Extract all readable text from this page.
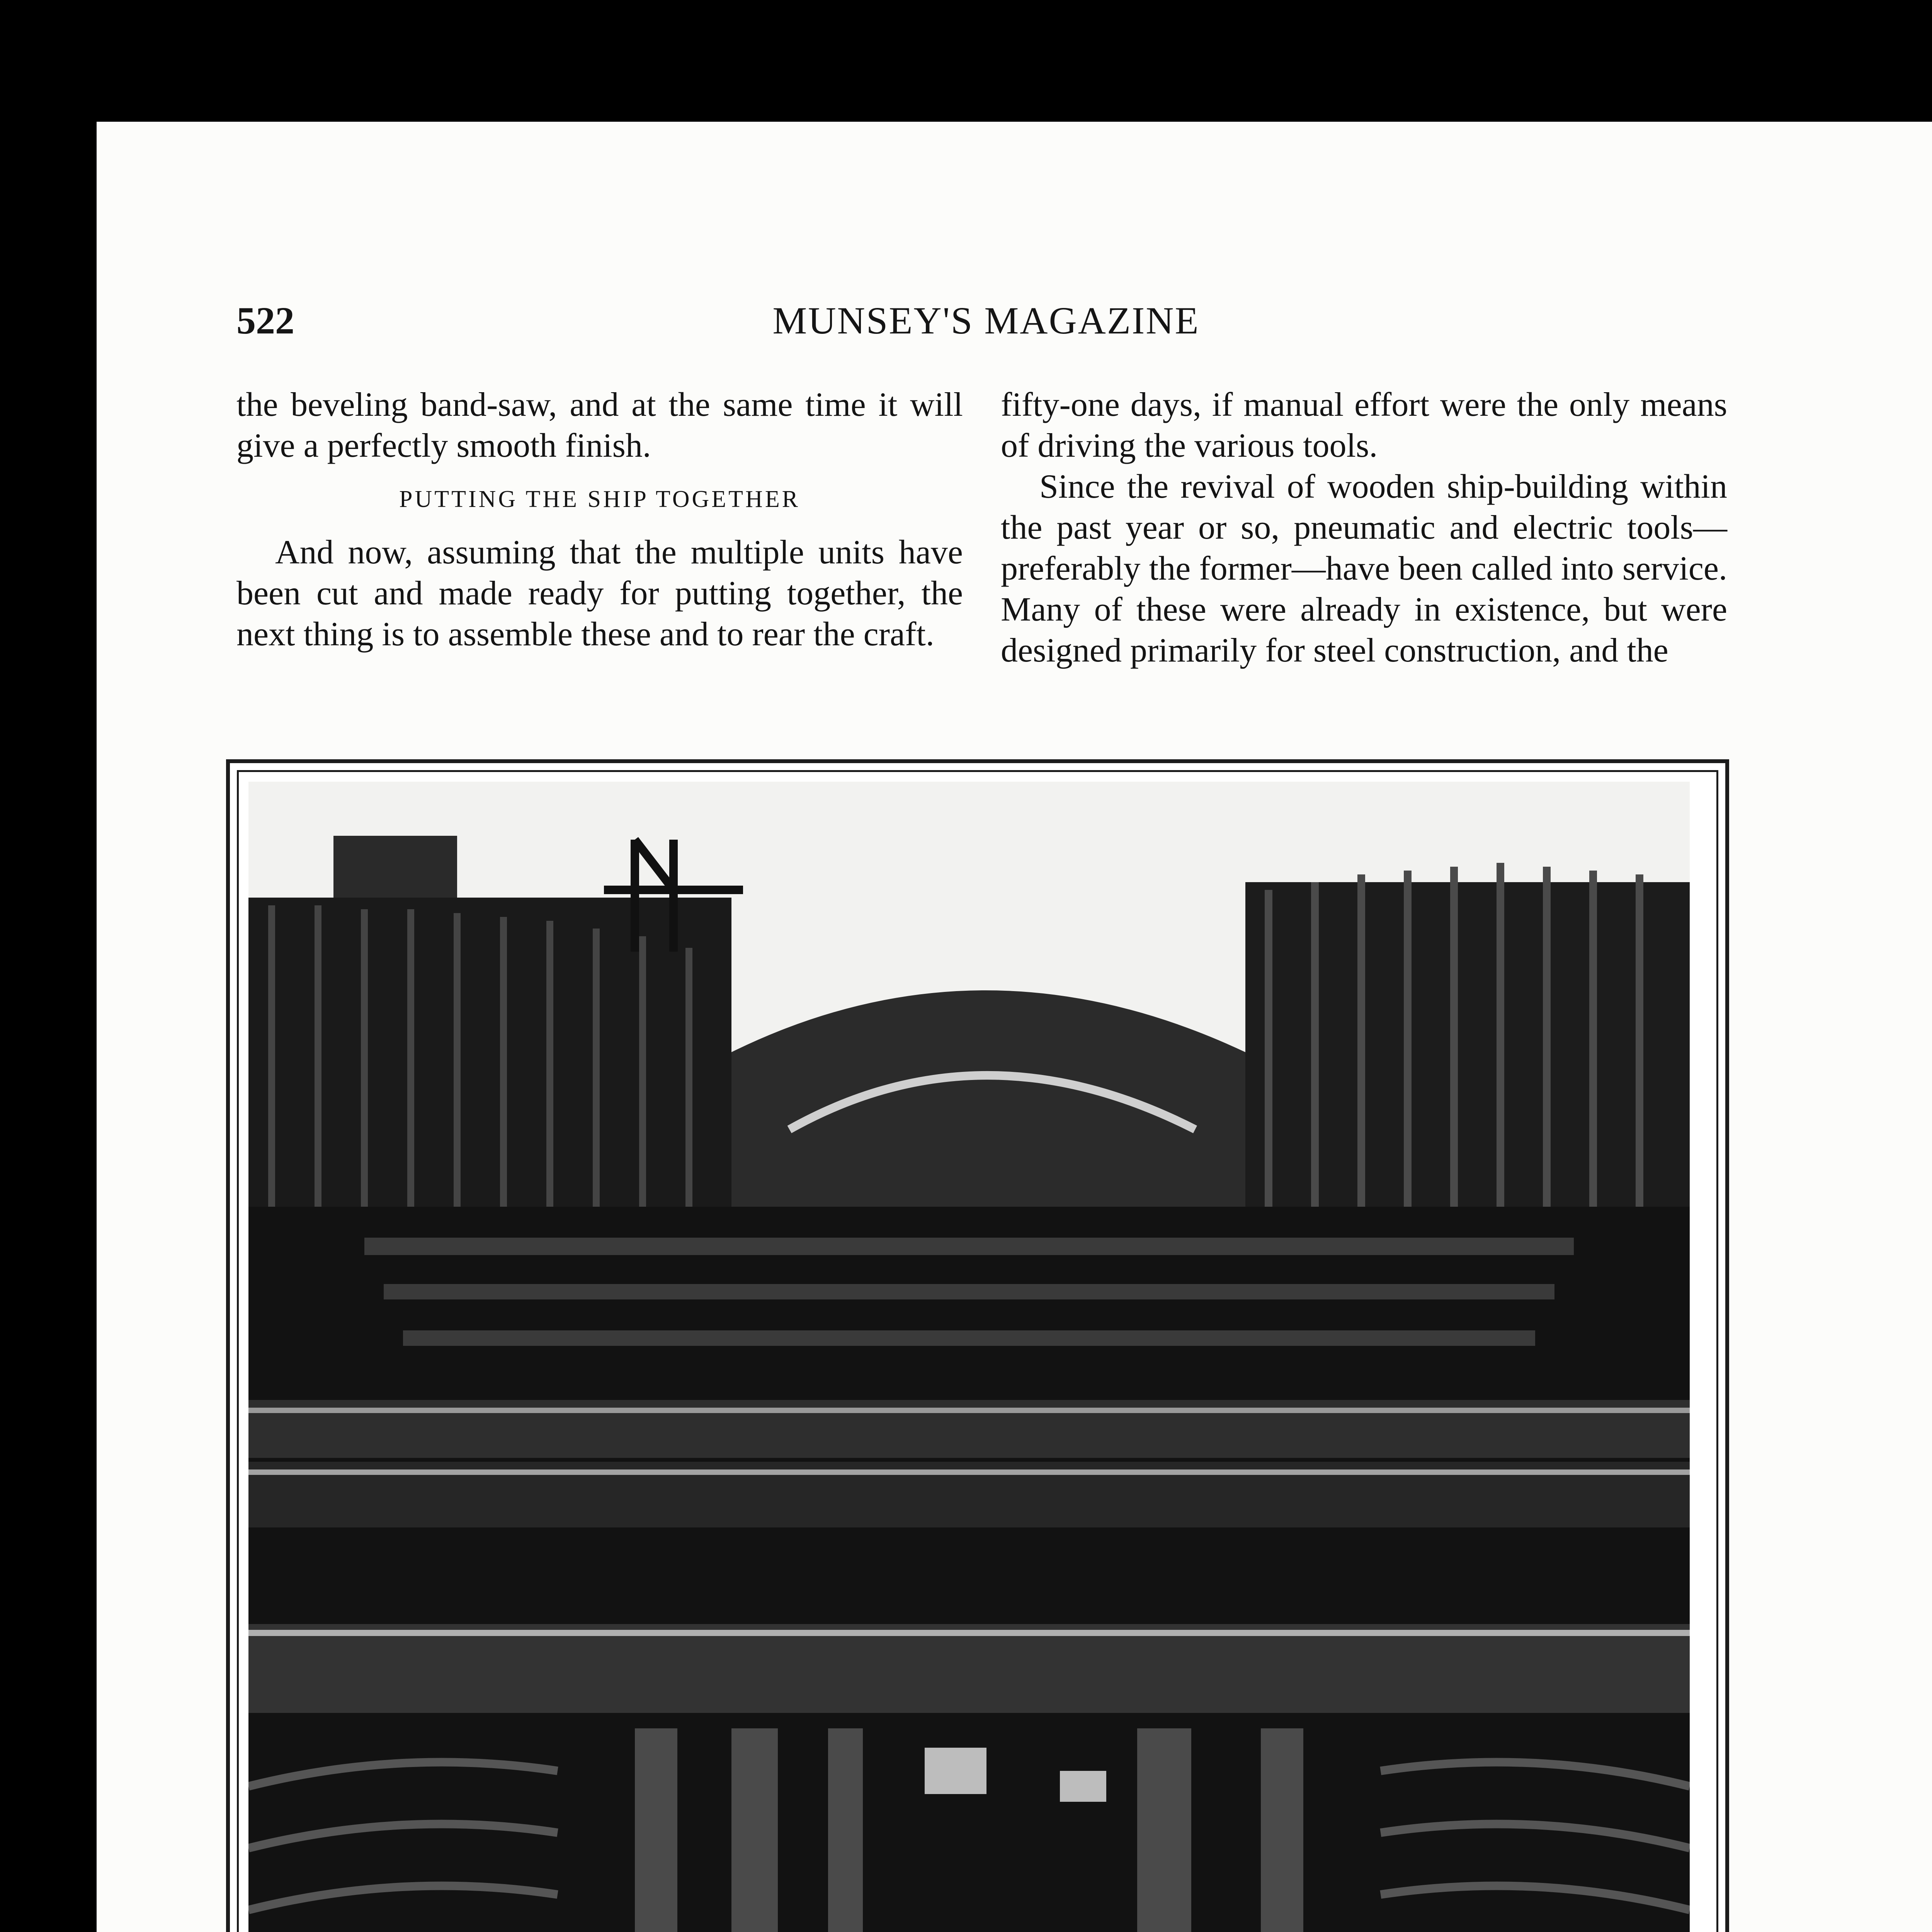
522	MUNSEY'S MAGAZINE

the beveling band-saw, and at the same time it will give a perfectly smooth finish.

PUTTING THE SHIP TOGETHER

And now, assuming that the multiple units have been cut and made ready for putting together, the next thing is to assemble these and to rear the craft.

fifty-one days, if manual effort were the only means of driving the various tools.

Since the revival of wooden ship-building within the past year or so, pneumatic and electric tools—preferably the former—have been called into service. Many of these were already in existence, but were designed primarily for steel construction, and the
